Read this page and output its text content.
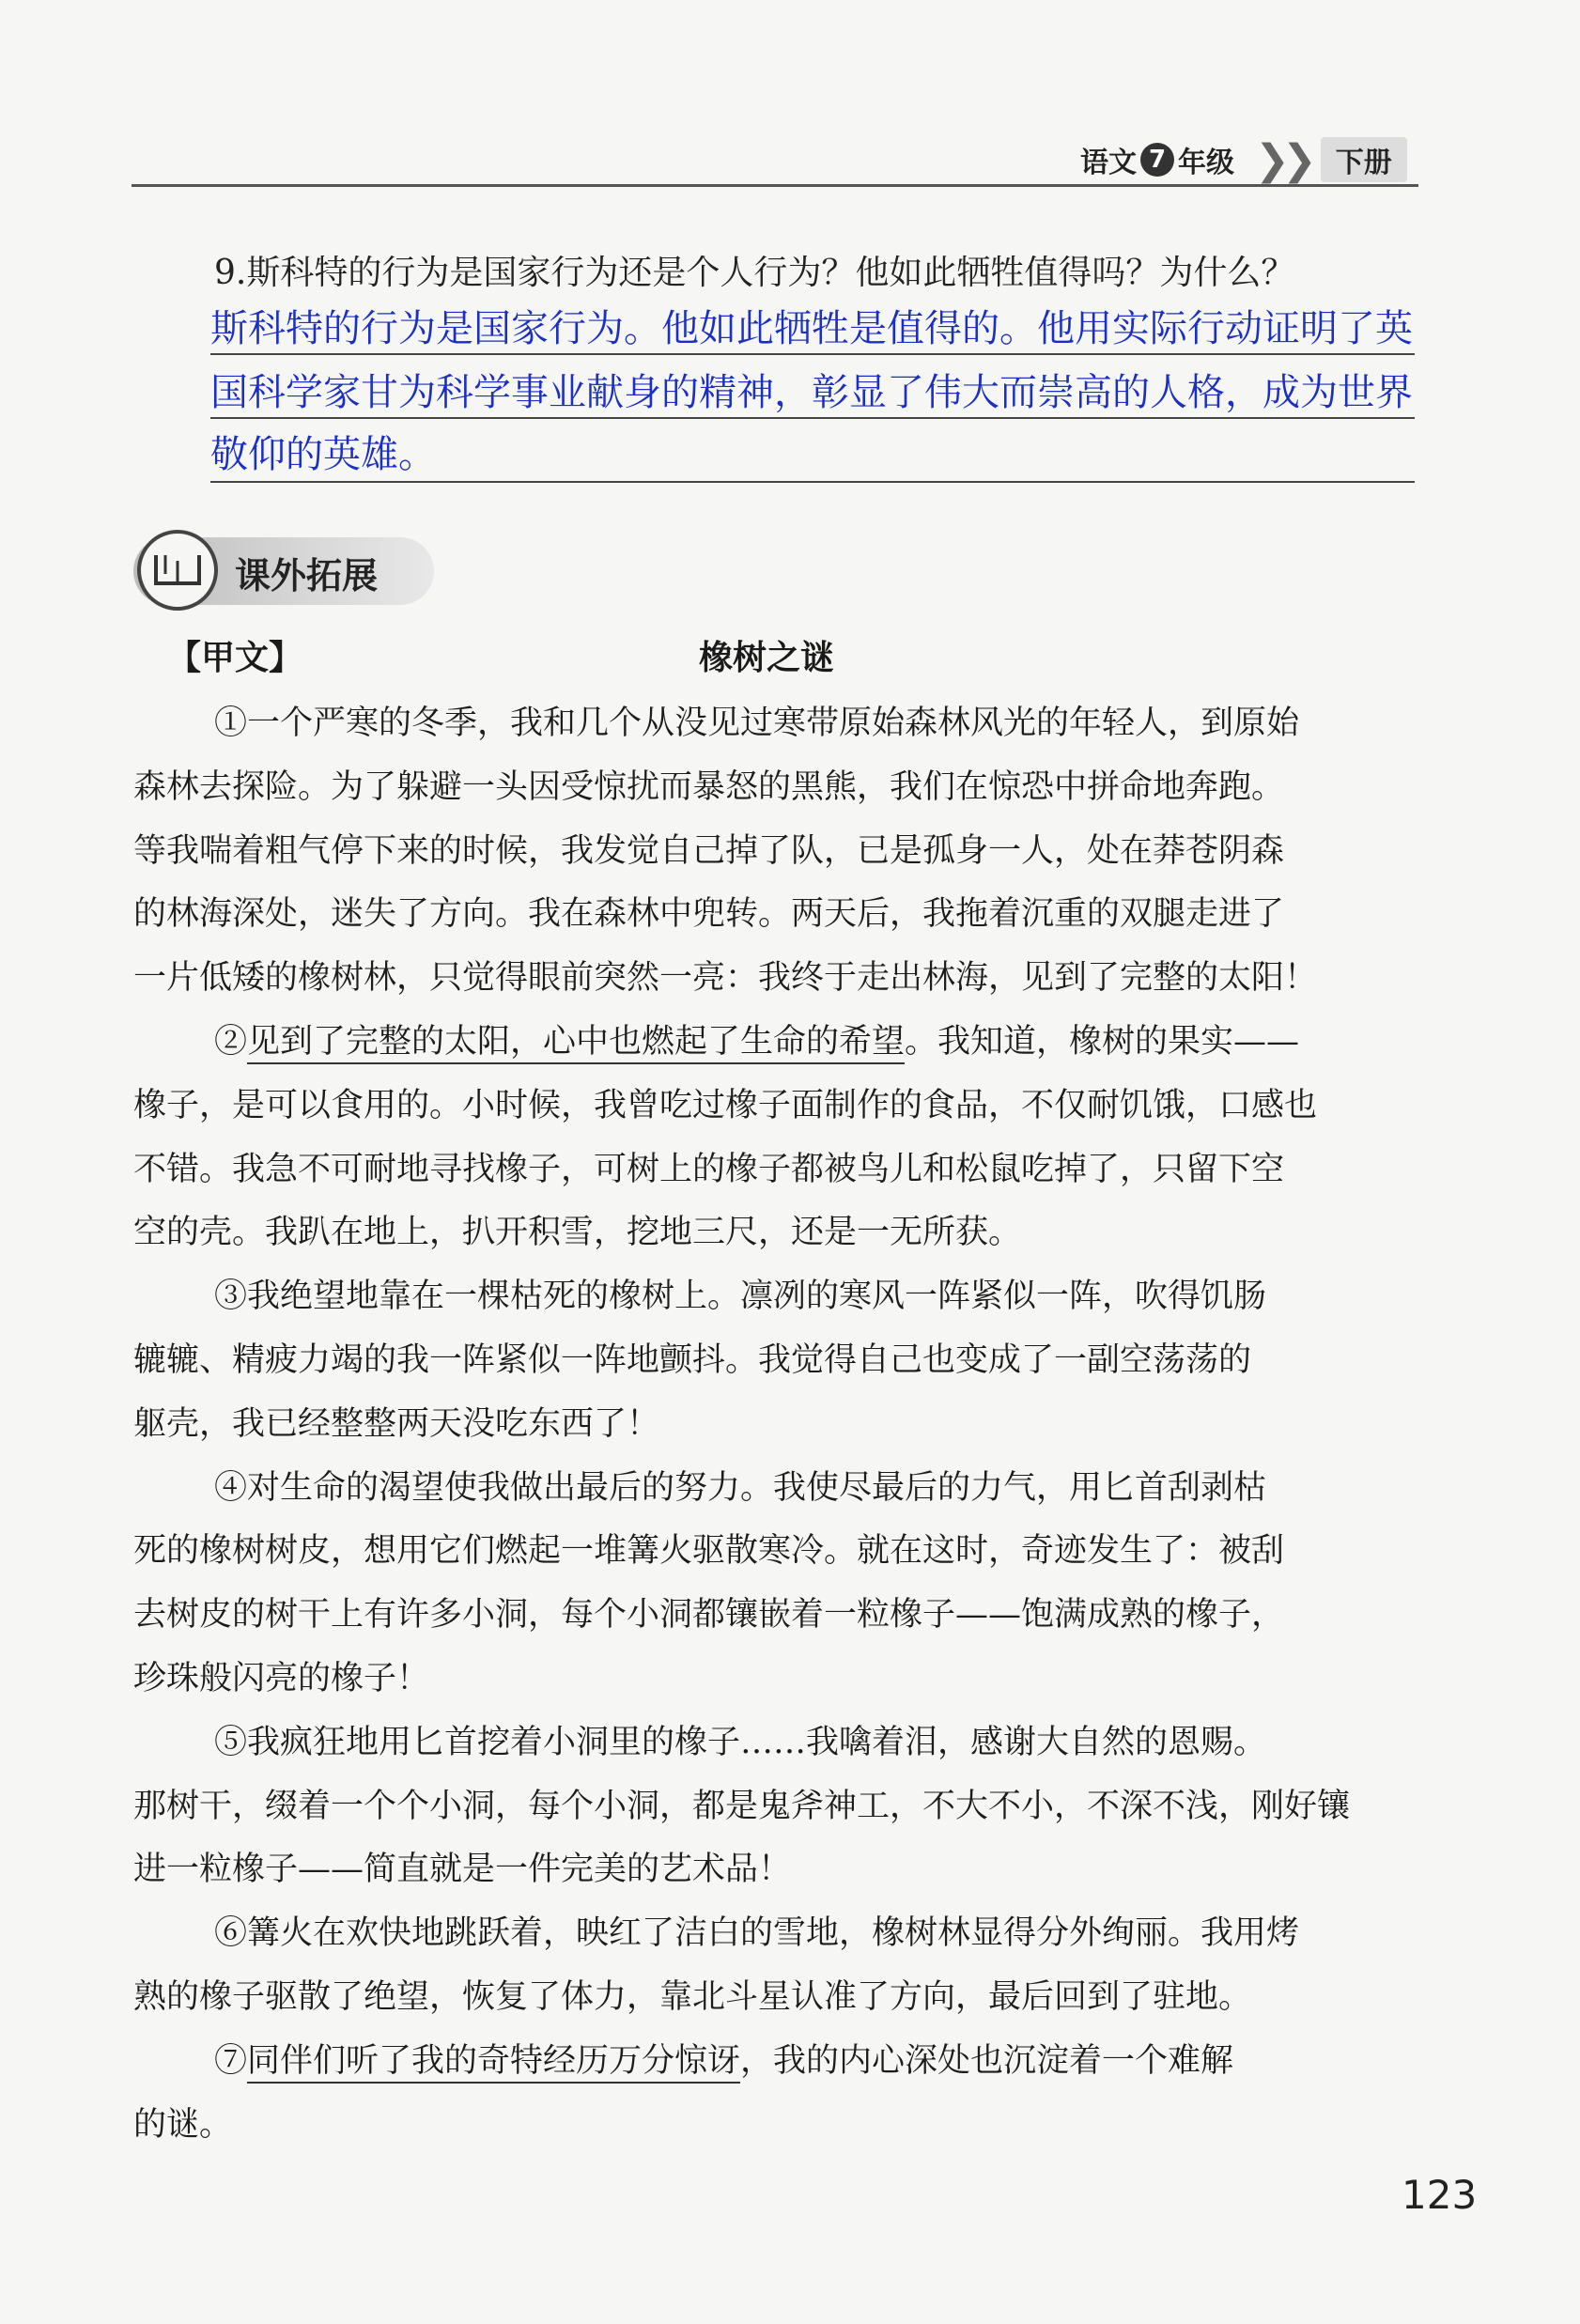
语文 7 年级 ❯❯ 下册
9.斯科特的行为是国家行为还是个人行为？他如此牺牲值得吗？为什么？
斯科特的行为是国家行为。他如此牺牲是值得的。他用实际行动证明了英
国科学家甘为科学事业献身的精神，彰显了伟大而崇高的人格，成为世界
敬仰的英雄。
课外拓展
【甲文】	橡树之谜
①一个严寒的冬季，我和几个从没见过寒带原始森林风光的年轻人，到原始
森林去探险。为了躲避一头因受惊扰而暴怒的黑熊，我们在惊恐中拼命地奔跑。
等我喘着粗气停下来的时候，我发觉自己掉了队，已是孤身一人，处在莽苍阴森
的林海深处，迷失了方向。我在森林中兜转。两天后，我拖着沉重的双腿走进了
一片低矮的橡树林，只觉得眼前突然一亮：我终于走出林海，见到了完整的太阳！
②见到了完整的太阳，心中也燃起了生命的希望。我知道，橡树的果实——
橡子，是可以食用的。小时候，我曾吃过橡子面制作的食品，不仅耐饥饿，口感也
不错。我急不可耐地寻找橡子，可树上的橡子都被鸟儿和松鼠吃掉了，只留下空
空的壳。我趴在地上，扒开积雪，挖地三尺，还是一无所获。
③我绝望地靠在一棵枯死的橡树上。凛冽的寒风一阵紧似一阵，吹得饥肠
辘辘、精疲力竭的我一阵紧似一阵地颤抖。我觉得自己也变成了一副空荡荡的
躯壳，我已经整整两天没吃东西了！
④对生命的渴望使我做出最后的努力。我使尽最后的力气，用匕首刮剥枯
死的橡树树皮，想用它们燃起一堆篝火驱散寒冷。就在这时，奇迹发生了：被刮
去树皮的树干上有许多小洞，每个小洞都镶嵌着一粒橡子——饱满成熟的橡子，
珍珠般闪亮的橡子！
⑤我疯狂地用匕首挖着小洞里的橡子……我噙着泪，感谢大自然的恩赐。
那树干，缀着一个个小洞，每个小洞，都是鬼斧神工，不大不小，不深不浅，刚好镶
进一粒橡子——简直就是一件完美的艺术品！
⑥篝火在欢快地跳跃着，映红了洁白的雪地，橡树林显得分外绚丽。我用烤
熟的橡子驱散了绝望，恢复了体力，靠北斗星认准了方向，最后回到了驻地。
⑦同伴们听了我的奇特经历万分惊讶，我的内心深处也沉淀着一个难解
的谜。
123
